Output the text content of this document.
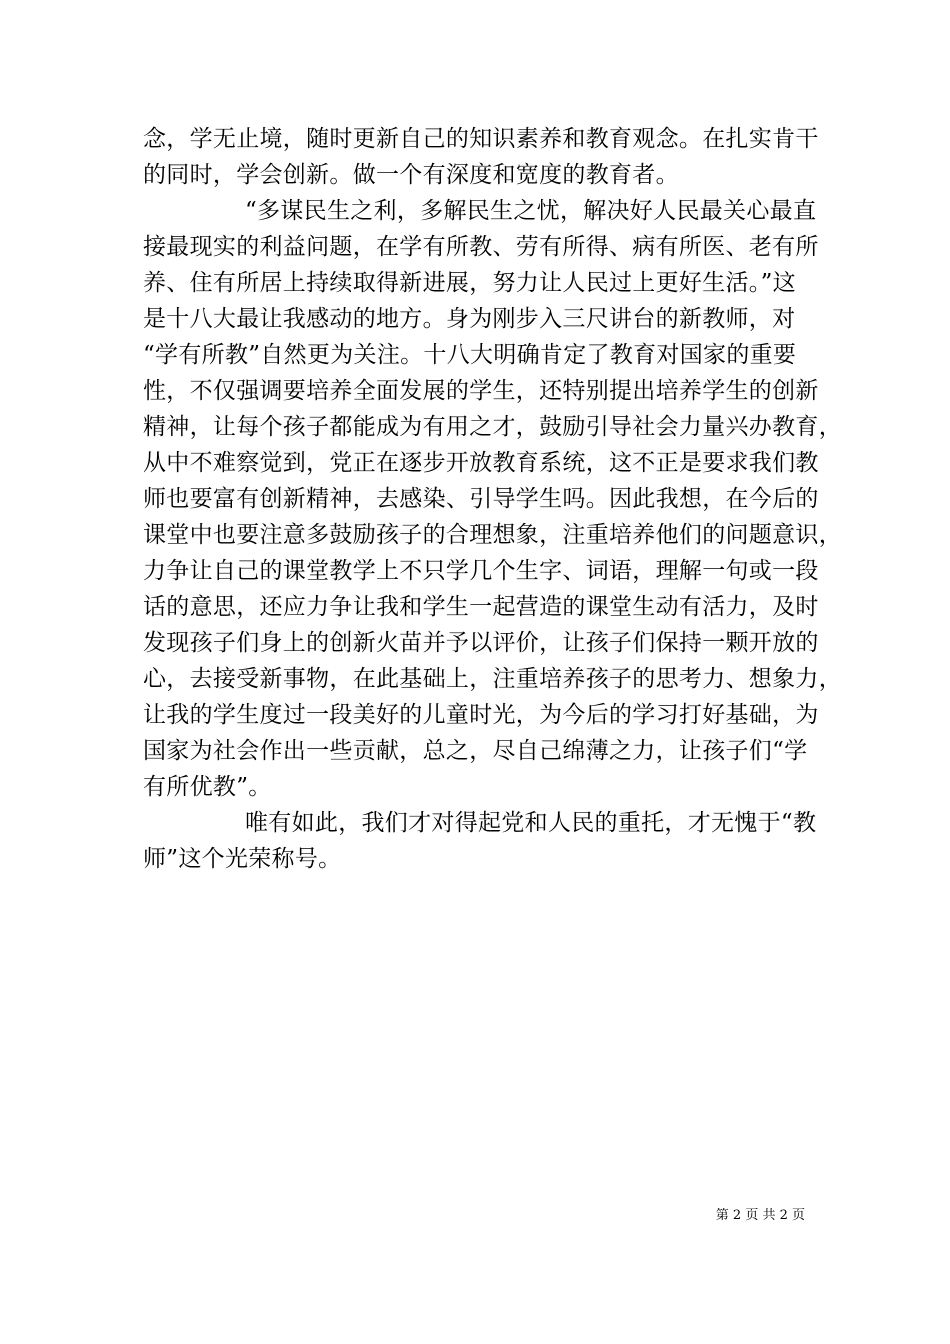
念，学无止境，随时更新自己的知识素养和教育观念。在扎实肯干
的同时，学会创新。做一个有深度和宽度的教育者。
“多谋民生之利，多解民生之忧，解决好人民最关心最直
接最现实的利益问题，在学有所教、劳有所得、病有所医、老有所
养、住有所居上持续取得新进展，努力让人民过上更好生活。”这
是十八大最让我感动的地方。身为刚步入三尺讲台的新教师，对
“学有所教”自然更为关注。十八大明确肯定了教育对国家的重要
性，不仅强调要培养全面发展的学生，还特别提出培养学生的创新
精神，让每个孩子都能成为有用之才，鼓励引导社会力量兴办教育，
从中不难察觉到，党正在逐步开放教育系统，这不正是要求我们教
师也要富有创新精神，去感染、引导学生吗。因此我想，在今后的
课堂中也要注意多鼓励孩子的合理想象，注重培养他们的问题意识，
力争让自己的课堂教学上不只学几个生字、词语，理解一句或一段
话的意思，还应力争让我和学生一起营造的课堂生动有活力，及时
发现孩子们身上的创新火苗并予以评价，让孩子们保持一颗开放的
心，去接受新事物，在此基础上，注重培养孩子的思考力、想象力，
让我的学生度过一段美好的儿童时光，为今后的学习打好基础，为
国家为社会作出一些贡献，总之，尽自己绵薄之力，让孩子们“学
有所优教”。
唯有如此，我们才对得起党和人民的重托，才无愧于“教
师”这个光荣称号。
第 2 页 共 2 页
